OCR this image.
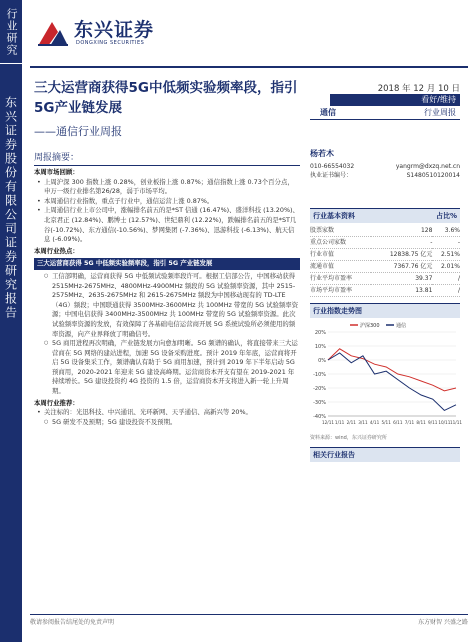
行业研究
东兴证券股份有限公司证券研究报告
东兴证券
DONGXING SECURITIES
三大运营商获得5G中低频实验频率段，指引5G产业链发展
——通信行业周报
2018 年 12 月 10 日
看好/维持
通信	行业周报
周报摘要：
本周市场回顾：
• 上周沪深 300 指数上涨 0.28%，创业板指上涨 0.87%；通信指数上涨 0.73个百分点，申万一级行业排名第26/28，弱于市场平均。
• 本周通信行业指数，重点子行业中，通信运营上涨 0.87%。
• 上周通信行业上市公司中，涨幅排名前五的是*ST 信通 (16.47%)、盛洋科技 (13.20%)、北京君正 (12.84%)、鹏博士 (12.57%)、世纪鼎利 (12.22%)，跌幅排名前五的是*ST几谷(-10.72%)、东方通信(-10.56%)、梦网集团 (-7.36%)、迅游科技 (-6.13%)、航天信息 (-6.09%)。
本周行业热点：
三大运营商获得 5G 中低频实验频率段，指引 5G 产业链发展
○ 工信部明确，运营商获得 5G 中低频试验频率段许可。根据工信部公告，中国移动获得 2515MHz-2675MHz、4800MHz-4900MHz 频段的 5G 试验频率资源，其中 2515-2575MHz、2635-2675MHz 和 2615-2675MHz 频段为中国移动现有的 TD-LTE（4G）频段；中国联通获得 3500MHz-3600MHz 共 100MHz 带宽的 5G 试验频率资源；中国电信获得 3400MHz-3500MHz 共 100MHz 带宽的 5G 试验频率资源。此次试验频率资源的发放，有效保障了各基础电信运营商开展 5G 系统试验所必须使用的频率资源，向产业界释放了明确信号。
○ 5G 商用进程再次明确，产业链发展方向愈加明晰。5G 频谱的确认，将直接带来三大运营商在 5G 网络的建站进程，加速 5G 设备采购进度。预计 2019 年年底，运营商将开启 5G 设备集采工作，频谱确认有助于 5G 商用加速，预计到 2019 年下半年启动 5G 预商用，2020-2021 年迎来 5G 建设高峰期。运营商资本开支有望在 2019-2021 年持续增长。5G 建设投资约 4G 投资的 1.5 倍，运营商资本开支将进入新一轮上升周期。
本周行业推荐：
• 关注标的：光迅科技、中兴通讯、光环新网、天孚通信、高新兴等 20%。
○ 5G 研发不及预期；5G 建设投资不及预期。
杨若木
010-66554032	yangrm@dxzq.net.cn
执业证书编号：	S1480510120014
行业基本资料	占比%
股票家数	128	3.6%
重点公司家数	-	-
行业市值	12838.75 亿元	2.51%
流通市值	7367.76 亿元	2.01%
行业平均市盈率	39.37	/
市场平均市盈率	13.81	/
行业指数走势图
20%
10%
0%
-10%
-20%
-30%
-40%
12/11 1/11 2/11 3/11 4/11 5/11 6/11 7/11 8/11 9/11 10/11 11/11
沪深300	通信
资料来源：wind，东兴证券研究所
相关行业报告
敬请参阅报告结尾处的免责声明	东方财智 兴盛之路
